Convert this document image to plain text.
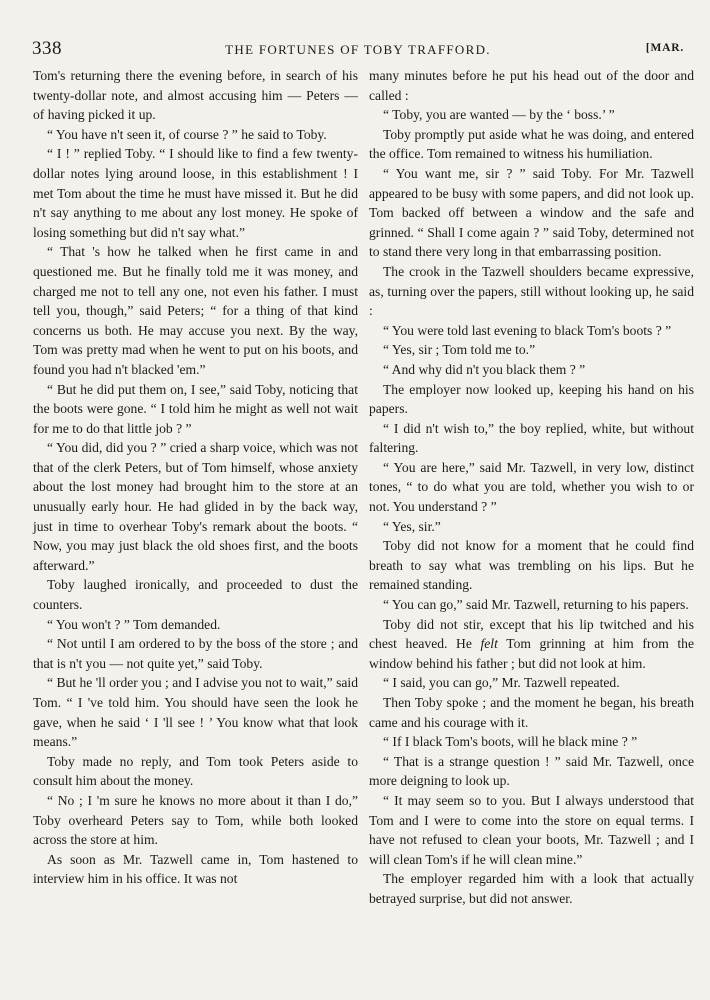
338	THE FORTUNES OF TOBY TRAFFORD.	[MAR.

Tom's returning there the evening before, in search of his twenty-dollar note, and almost accusing him — Peters — of having picked it up.

“ You have n't seen it, of course ? ” he said to Toby.

“ I ! ” replied Toby. “ I should like to find a few twenty-dollar notes lying around loose, in this establishment ! I met Tom about the time he must have missed it. But he did n't say anything to me about any lost money. He spoke of losing something but did n't say what.”

“ That 's how he talked when he first came in and questioned me. But he finally told me it was money, and charged me not to tell any one, not even his father. I must tell you, though,” said Peters; “ for a thing of that kind concerns us both. He may accuse you next. By the way, Tom was pretty mad when he went to put on his boots, and found you had n't blacked 'em.”

“ But he did put them on, I see,” said Toby, noticing that the boots were gone. “ I told him he might as well not wait for me to do that little job ? ”

“ You did, did you ? ” cried a sharp voice, which was not that of the clerk Peters, but of Tom himself, whose anxiety about the lost money had brought him to the store at an unusually early hour. He had glided in by the back way, just in time to overhear Toby's remark about the boots. “ Now, you may just black the old shoes first, and the boots afterward.”

Toby laughed ironically, and proceeded to dust the counters.

“ You won't ? ” Tom demanded.

“ Not until I am ordered to by the boss of the store ; and that is n't you — not quite yet,” said Toby.

“ But he 'll order you ; and I advise you not to wait,” said Tom. “ I 've told him. You should have seen the look he gave, when he said ‘ I 'll see ! ’ You know what that look means.”

Toby made no reply, and Tom took Peters aside to consult him about the money.

“ No ; I 'm sure he knows no more about it than I do,” Toby overheard Peters say to Tom, while both looked across the store at him.

As soon as Mr. Tazwell came in, Tom hastened to interview him in his office. It was not

many minutes before he put his head out of the door and called :

“ Toby, you are wanted — by the ‘ boss.’ ”

Toby promptly put aside what he was doing, and entered the office. Tom remained to witness his humiliation.

“ You want me, sir ? ” said Toby. For Mr. Tazwell appeared to be busy with some papers, and did not look up. Tom backed off between a window and the safe and grinned. “ Shall I come again ? ” said Toby, determined not to stand there very long in that embarrassing position.

The crook in the Tazwell shoulders became expressive, as, turning over the papers, still without looking up, he said :

“ You were told last evening to black Tom's boots ? ”

“ Yes, sir ; Tom told me to.”

“ And why did n't you black them ? ”

The employer now looked up, keeping his hand on his papers.

“ I did n't wish to,” the boy replied, white, but without faltering.

“ You are here,” said Mr. Tazwell, in very low, distinct tones, “ to do what you are told, whether you wish to or not. You understand ? ”

“ Yes, sir.”

Toby did not know for a moment that he could find breath to say what was trembling on his lips. But he remained standing.

“ You can go,” said Mr. Tazwell, returning to his papers.

Toby did not stir, except that his lip twitched and his chest heaved. He felt Tom grinning at him from the window behind his father ; but did not look at him.

“ I said, you can go,” Mr. Tazwell repeated.

Then Toby spoke ; and the moment he began, his breath came and his courage with it.

“ If I black Tom's boots, will he black mine ? ”

“ That is a strange question ! ” said Mr. Tazwell, once more deigning to look up.

“ It may seem so to you. But I always understood that Tom and I were to come into the store on equal terms. I have not refused to clean your boots, Mr. Tazwell ; and I will clean Tom's if he will clean mine.”

The employer regarded him with a look that actually betrayed surprise, but did not answer.
